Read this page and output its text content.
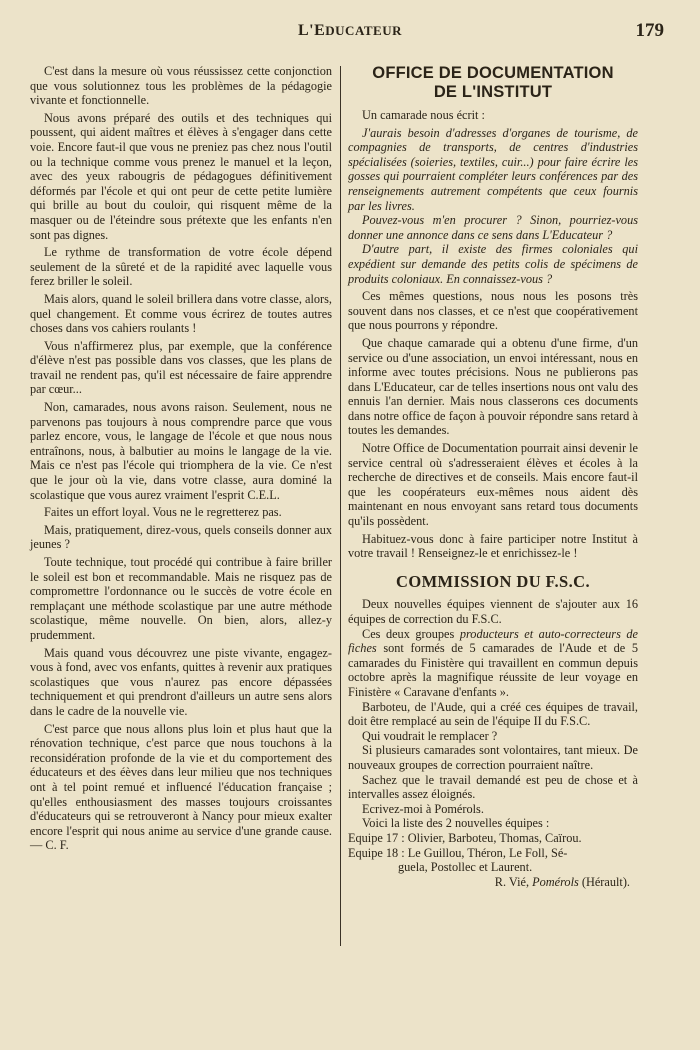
L'EDUCATEUR	179

C'est dans la mesure où vous réussissez cette conjonction que vous solutionnez tous les problèmes de la pédagogie vivante et fonctionnelle.

Nous avons préparé des outils et des techniques qui poussent, qui aident maîtres et élèves à s'engager dans cette voie. Encore faut-il que vous ne preniez pas chez nous l'outil ou la technique comme vous prenez le manuel et la leçon, avec des yeux rabougris de pédagogues définitivement déformés par l'école et qui ont peur de cette petite lumière qui brille au bout du couloir, qui risquent même de la masquer ou de l'éteindre sous prétexte que les enfants n'en sont pas dignes.

Le rythme de transformation de votre école dépend seulement de la sûreté et de la rapidité avec laquelle vous ferez briller le soleil.

Mais alors, quand le soleil brillera dans votre classe, alors, quel changement. Et comme vous écrirez de toutes autres choses dans vos cahiers roulants !

Vous n'affirmerez plus, par exemple, que la conférence d'élève n'est pas possible dans vos classes, que les plans de travail ne rendent pas, qu'il est nécessaire de faire apprendre par cœur...

Non, camarades, nous avons raison. Seulement, nous ne parvenons pas toujours à nous comprendre parce que vous parlez encore, vous, le langage de l'école et que nous nous entraînons, nous, à balbutier au moins le langage de la vie. Mais ce n'est pas l'école qui triomphera de la vie. Ce n'est que le jour où la vie, dans votre classe, aura dominé la scolastique que vous aurez vraiment l'esprit C.E.L.

Faites un effort loyal. Vous ne le regretterez pas.

Mais, pratiquement, direz-vous, quels conseils donner aux jeunes ?

Toute technique, tout procédé qui contribue à faire briller le soleil est bon et recommandable. Mais ne risquez pas de compromettre l'ordonnance ou le succès de votre école en remplaçant une méthode scolastique par une autre méthode scolastique, même nouvelle. On bien, alors, allez-y prudemment.

Mais quand vous découvrez une piste vivante, engagez-vous à fond, avec vos enfants, quittes à revenir aux pratiques scolastiques que vous n'aurez pas encore dépassées techniquement et qui prendront d'ailleurs un autre sens alors dans le cadre de la nouvelle vie.

C'est parce que nous allons plus loin et plus haut que la rénovation technique, c'est parce que nous touchons à la reconsidération profonde de la vie et du comportement des éducateurs et des éèves dans leur milieu que nos techniques ont à tel point remué et influencé l'éducation française ; qu'elles enthousiasment des masses toujours croissantes d'éducateurs qui se retrouveront à Nancy pour mieux exalter encore l'esprit qui nous anime au service d'une grande cause. — C. F.

OFFICE DE DOCUMENTATION
DE L'INSTITUT

Un camarade nous écrit :

J'aurais besoin d'adresses d'organes de tourisme, de compagnies de transports, de centres d'industries spécialisées (soieries, textiles, cuir...) pour faire écrire les gosses qui pourraient compléter leurs conférences par des renseignements autrement compétents que ceux fournis par les livres.

Pouvez-vous m'en procurer ? Sinon, pourriez-vous donner une annonce dans ce sens dans L'Educateur ?

D'autre part, il existe des firmes coloniales qui expédient sur demande des petits colis de spécimens de produits coloniaux. En connaissez-vous ?

Ces mêmes questions, nous nous les posons très souvent dans nos classes, et ce n'est que coopérativement que nous pourrons y répondre.

Que chaque camarade qui a obtenu d'une firme, d'un service ou d'une association, un envoi intéressant, nous en informe avec toutes précisions. Nous ne publierons pas dans L'Educateur, car de telles insertions nous ont valu des ennuis l'an dernier. Mais nous classerons ces documents dans notre office de façon à pouvoir répondre sans retard à toutes les demandes.

Notre Office de Documentation pourrait ainsi devenir le service central où s'adresseraient élèves et écoles à la recherche de directives et de conseils. Mais encore faut-il que les coopérateurs eux-mêmes nous aident dès maintenant en nous envoyant sans retard tous documents qu'ils possèdent.

Habituez-vous donc à faire participer notre Institut à votre travail ! Renseignez-le et enrichissez-le !

COMMISSION DU F.S.C.

Deux nouvelles équipes viennent de s'ajouter aux 16 équipes de correction du F.S.C.

Ces deux groupes producteurs et auto-correcteurs de fiches sont formés de 5 camarades de l'Aude et de 5 camarades du Finistère qui travaillent en commun depuis octobre après la magnifique réussite de leur voyage en Finistère « Caravane d'enfants ».

Barboteu, de l'Aude, qui a créé ces équipes de travail, doit être remplacé au sein de l'équipe II du F.S.C.

Qui voudrait le remplacer ?

Si plusieurs camarades sont volontaires, tant mieux. De nouveaux groupes de correction pourraient naître.

Sachez que le travail demandé est peu de chose et à intervalles assez éloignés.

Ecrivez-moi à Pomérols.

Voici la liste des 2 nouvelles équipes :

Equipe 17 : Olivier, Barboteu, Thomas, Caïrou.

Equipe 18 : Le Guillou, Théron, Le Foll, Sé-

guela, Postollec et Laurent.

R. Vié, Pomérols (Hérault).
